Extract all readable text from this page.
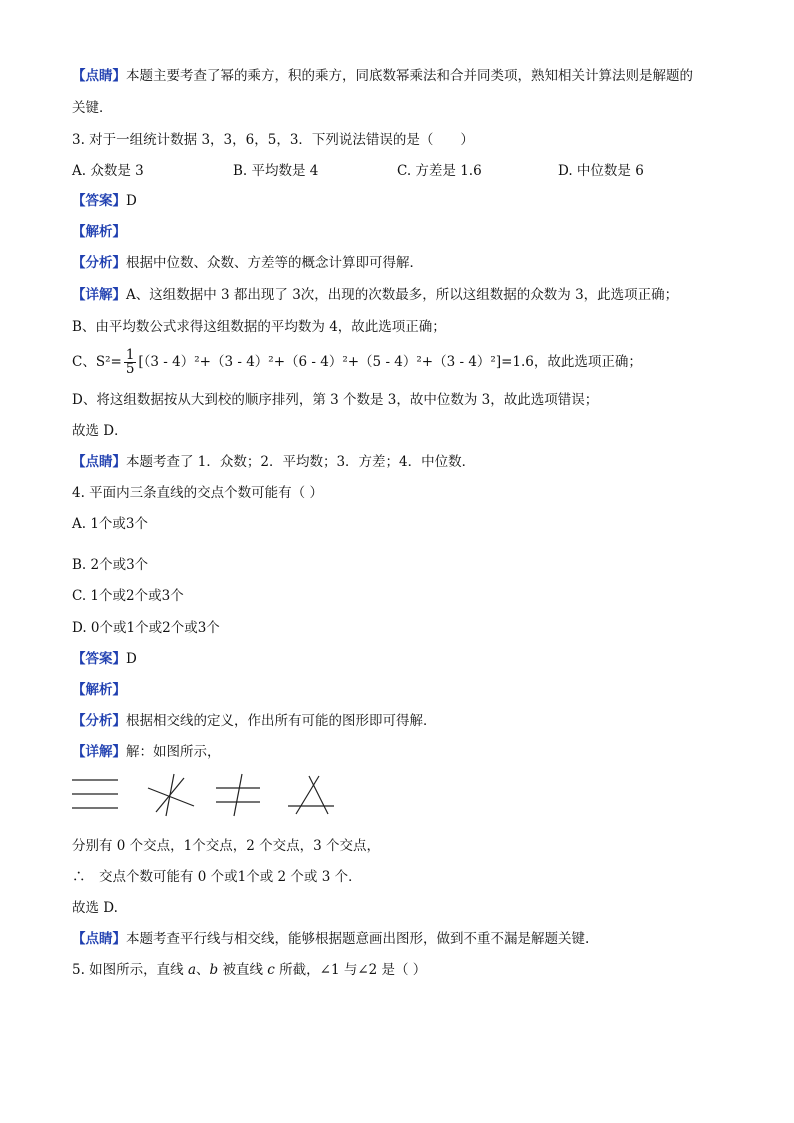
【点睛】本题主要考查了幂的乘方，积的乘方，同底数幂乘法和合并同类项，熟知相关计算法则是解题的
关键．
3. 对于一组统计数据 3，3，6，5，3．下列说法错误的是（　　）
A. 众数是 3	B. 平均数是 4	C. 方差是 1.6	D. 中位数是 6
【答案】D
【解析】
【分析】根据中位数、众数、方差等的概念计算即可得解．
【详解】A、这组数据中 3 都出现了 3次，出现的次数最多，所以这组数据的众数为 3，此选项正确；
B、由平均数公式求得这组数据的平均数为 4，故此选项正确；
C、$S^2= \frac{1}{5} [(3 - 4)^2+(3 - 4)^2+(6 - 4)^2+(5 - 4)^2+(3 - 4)^2]=1.6$，故此选项正确；
D、将这组数据按从大到校的顺序排列，第 3 个数是 3，故中位数为 3，故此选项错误；
故选 D．
【点睛】本题考查了 1．众数；2．平均数；3．方差；4．中位数．
4. 平面内三条直线的交点个数可能有（ ）
A. 1个或3个
B. 2个或3个
C. 1个或2个或3个
D. 0个或1个或2个或3个
【答案】D
【解析】
【分析】根据相交线的定义，作出所有可能的图形即可得解．
【详解】解：如图所示，
分别有 0 个交点，1个交点，2 个交点，3 个交点，
∴　交点个数可能有 0 个或1个或 2 个或 3 个．
故选 D.
【点睛】本题考查平行线与相交线，能够根据题意画出图形，做到不重不漏是解题关键.
5. 如图所示，直线 a、b 被直线 c 所截，∠1 与∠2 是（ ）
